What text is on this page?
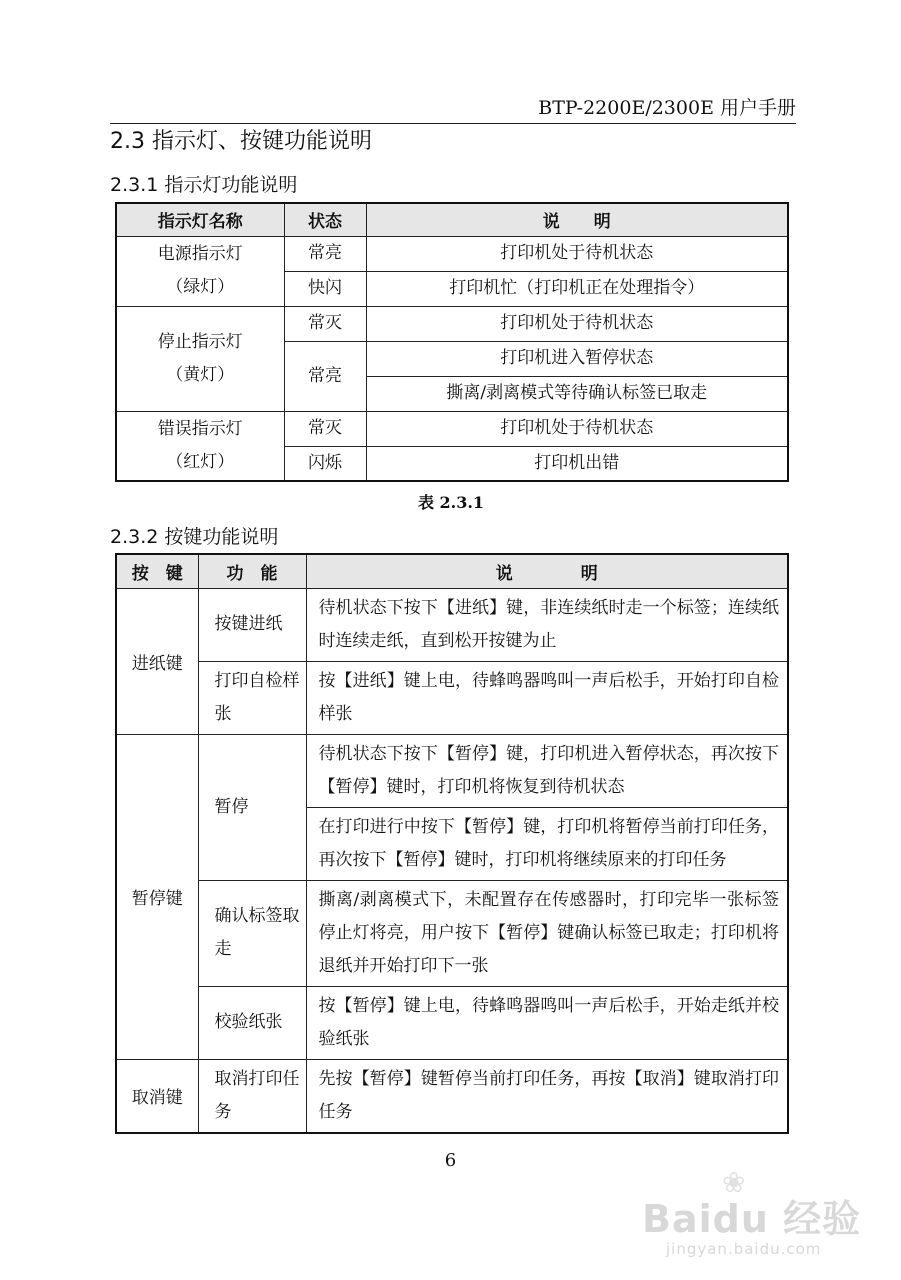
BTP-2200E/2300E 用户手册
2.3 指示灯、按键功能说明
2.3.1 指示灯功能说明
指示灯名称	状态	说　　明

电源指示灯
（绿灯）	常亮	打印机处于待机状态
	快闪	打印机忙（打印机正在处理指令）

停止指示灯
（黄灯）	常灭	打印机处于待机状态
	常亮	打印机进入暂停状态
		撕离/剥离模式等待确认标签已取走

错误指示灯
（红灯）	常灭	打印机处于待机状态
	闪烁	打印机出错
表 2.3.1
2.3.2 按键功能说明
按　键	功　能	说　　　　明
进纸键	按键进纸	待机状态下按下【进纸】键，非连续纸时走一个标签；连续纸时连续走纸，直到松开按键为止
	打印自检样张	按【进纸】键上电，待蜂鸣器鸣叫一声后松手，开始打印自检样张
暂停键	暂停	待机状态下按下【暂停】键，打印机进入暂停状态，再次按下【暂停】键时，打印机将恢复到待机状态
		在打印进行中按下【暂停】键，打印机将暂停当前打印任务，再次按下【暂停】键时，打印机将继续原来的打印任务
	确认标签取走	撕离/剥离模式下，未配置存在传感器时，打印完毕一张标签停止灯将亮，用户按下【暂停】键确认标签已取走；打印机将退纸并开始打印下一张
	校验纸张	按【暂停】键上电，待蜂鸣器鸣叫一声后松手，开始走纸并校验纸张
取消键	取消打印任务	先按【暂停】键暂停当前打印任务，再按【取消】键取消打印任务
6
❀
Baidu 经验
jingyan.baidu.com
